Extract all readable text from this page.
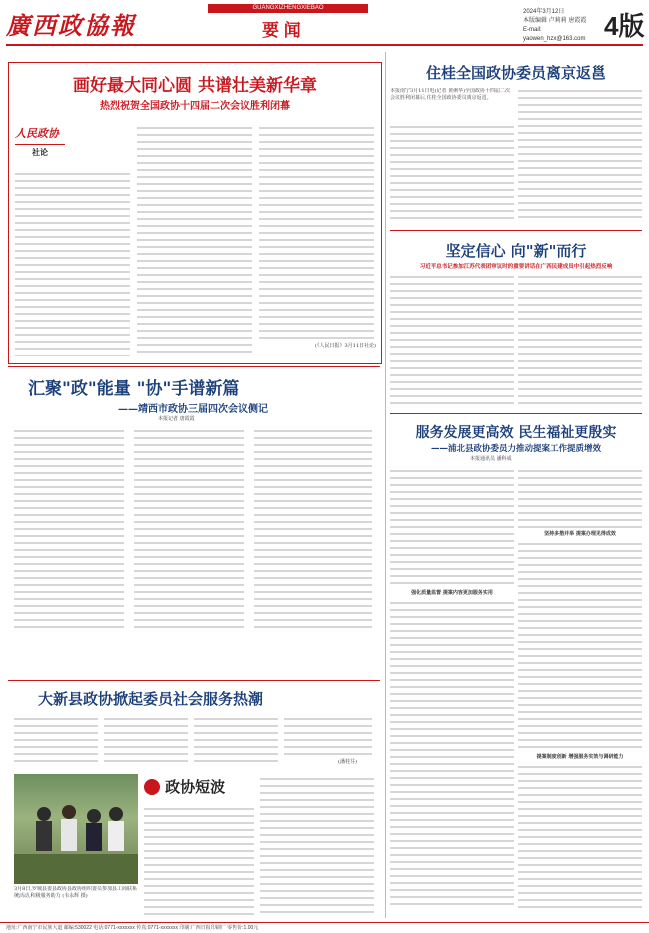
廣西政協報
GUANGXIZHENGXIEBAO
要 闻
2024年3月12日
本版编辑 卢莉莉 唐霞霞
E-mail: yaowen_hzx@163.com 4版
画好最大同心圆 共谱壮美新华章
热烈祝贺全国政协十四届二次会议胜利闭幕
人民政协
社论
(《人民日报》3月11日社论)
住桂全国政协委员离京返邕
本报南宁3月11日电(记者 黄俐华)全国政协十四届二次会议胜利闭幕后,住桂全国政协委员离京返邕。
坚定信心 向"新"而行
习近平总书记参加江苏代表团审议时的重要讲话在广西民建成员中引起热烈反响
汇聚"政"能量 "协"手谱新篇
——靖西市政协三届四次会议侧记
本报记者 唐霞霞
服务发展更高效 民生福祉更殷实
——浦北县政协委员力推动提案工作提质增效
本报通讯员 潘科成
强化质量监督 提案内容更加服务实用
坚持多措并举 提案办理见得成效
提案制度创新 增强服务实效与调研能力
大新县政协掀起委员社会服务热潮
(潘桂芬)
3月8日,罗城县委县政协县政协组织委员参加县工商联系统活动,积极服务助力 (韦永辉 摄)
政协短波
地址:广西南宁市民族大道 邮编:530022 电话:0771-xxxxxxx 传真:0771-xxxxxxx 印刷:广西日报印刷厂 零售价:1.00元
